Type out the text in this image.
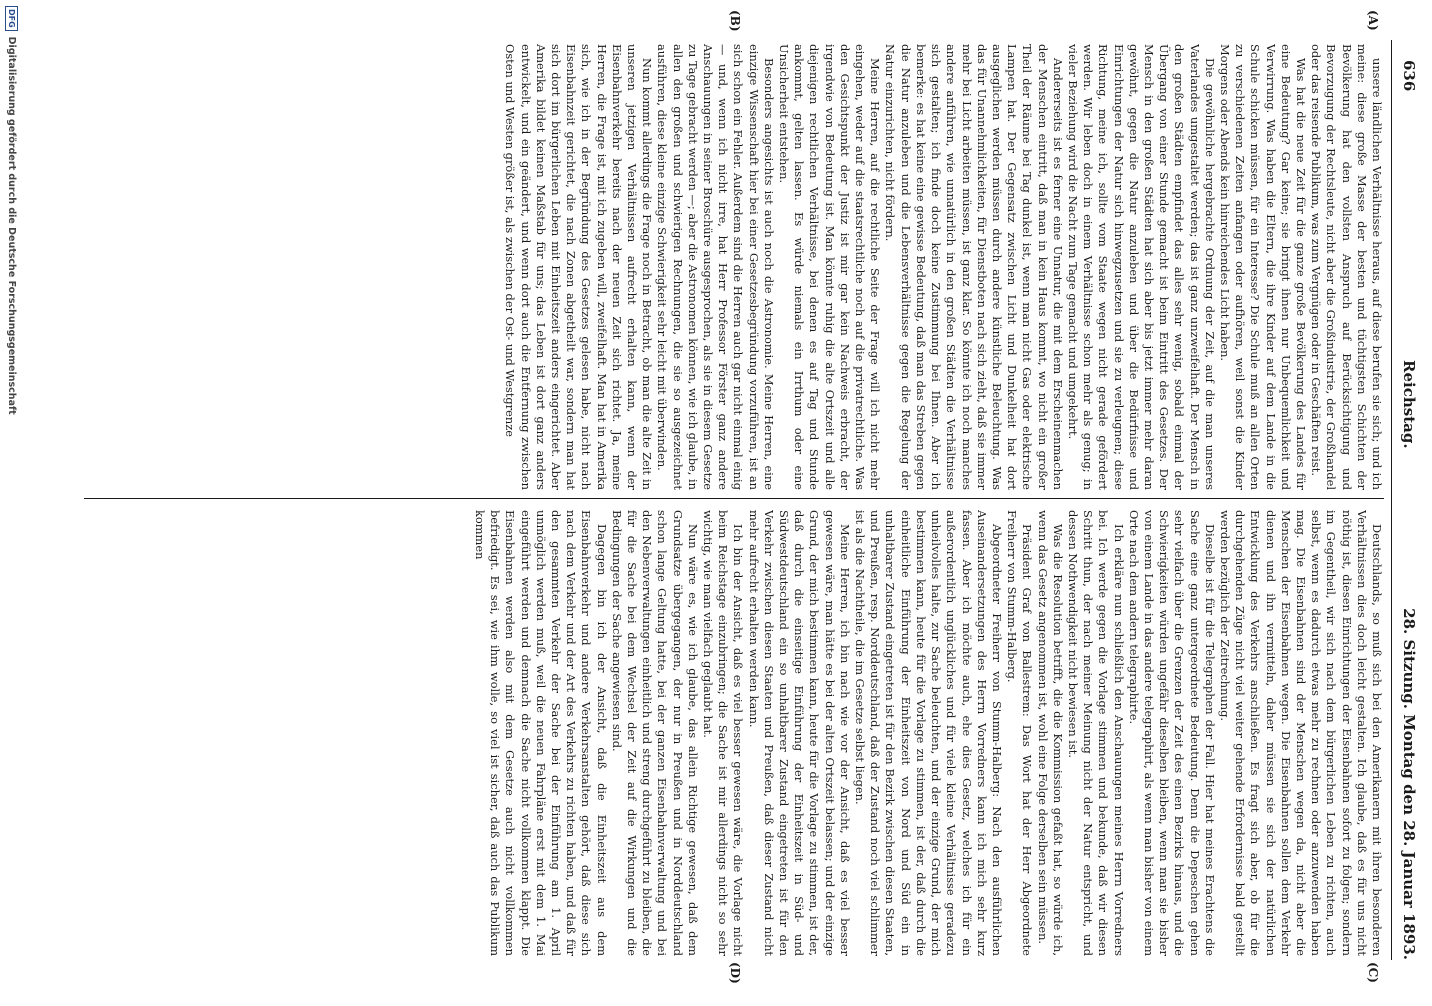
636
Reichstag.
28. Sitzung. Montag den 28. Januar 1893.
(A)
(B)
(C)
(D)

unsere ländlichen Verhältnisse heraus, auf diese berufen sie sich; und ich meine: diese große Masse der besten und tüchtigsten Schichten der Bevölkerung hat den vollsten Anspruch auf Berücksichtigung und Bevorzugung der Rechtsleute, nicht aber die Großindustrie, der Großhandel oder das reisende Publikum, was zum Vergnügen oder in Geschäften reist.

Was hat die neue Zeit für die ganze große Bevölkerung des Landes für eine Bedeutung? Gar keine; sie bringt ihnen nur Unbequemlichkeit und Verwirrung. Was haben die Eltern, die ihre Kinder auf dem Lande in die Schule schicken müssen, für ein Interesse? Die Schule muß an allen Orten zu verschiedenen Zeiten anfangen oder aufhören, weil sonst die Kinder Morgens oder Abends kein hinreichendes Licht haben.

Die gewöhnliche hergebrachte Ordnung der Zeit, auf die man unseres Vaterlandes umgestaltet werden; das ist ganz unzweifelhaft. Der Mensch in den großen Städten empfindet das alles sehr wenig, sobald einmal der Übergang von einer Stunde gemacht ist beim Eintritt des Gesetzes. Der Mensch in den großen Städten hat sich aber bis jetzt immer mehr daran gewöhnt, gegen die Natur anzuleben und über die Bedürfnisse und Einrichtungen der Natur sich hinwegzusetzen und sie zu verleugnen; diese Richtung, meine ich, sollte vom Staate wegen nicht gerade gefördert werden. Wir leben doch in einem Verhältnisse schon mehr als genug; in vieler Beziehung wird die Nacht zum Tage gemacht und umgekehrt.

Andererseits ist es ferner eine Unnatur, die mit dem Erscheinenmachen der Menschen eintritt, daß man in kein Haus kommt, wo nicht ein großer Theil der Räume bei Tag dunkel ist, wenn man nicht Gas oder elektrische Lampen hat. Der Gegensatz zwischen Licht und Dunkelheit hat dort ausgeglichen werden müssen durch andere künstliche Beleuchtung. Was das für Unannehmlichkeiten, für Dienstboten nach sich zieht, daß sie immer mehr bei Licht arbeiten müssen, ist ganz klar. So könnte ich noch manches andere anführen, wie unnatürlich in den großen Städten die Verhältnisse sich gestalten; ich finde doch keine Zustimmung bei Ihnen. Aber ich bemerke: es hat keine eine gewisse Bedeutung, daß man das Streben gegen die Natur anzuleben und die Lebensverhältnisse gegen die Regelung der Natur einzurichten, nicht fördern.

Meine Herren, auf die rechtliche Seite der Frage will ich nicht mehr eingehen, weder auf die staatsrechtliche noch auf die privatrechtliche. Was den Gesichtspunkt der Justiz ist mir gar kein Nachweis erbracht, der irgendwie von Bedeutung ist. Man könnte ruhig die alte Ortszeit und alle diejenigen rechtlichen Verhältnisse, bei denen es auf Tag und Stunde ankommt, gelten lassen. Es würde niemals ein Irrthum oder eine Unsicherheit entstehen.

Besonders angesichts ist auch noch die Astronomie. Meine Herren, eine einzige Wissenschaft hier bei einer Gesetzesbegründung vorzuführen, ist an sich schon ein Fehler. Außerdem sind die Herren auch gar nicht einmal einig — und, wenn ich nicht irre, hat Herr Professor Förster ganz andere Anschauungen in seiner Broschüre ausgesprochen, als sie in diesem Gesetze zu Tage gebracht werden —; aber die Astronomen können, wie ich glaube, in allen den großen und schwierigen Rechnungen, die sie so ausgezeichnet ausführen, diese kleine einzige Schwierigkeit sehr leicht mit überwinden.

Nun kommt allerdings die Frage noch in Betracht, ob man die alte Zeit in unseren jetzigen Verhältnissen aufrecht erhalten kann, wenn der Eisenbahnverkehr bereits nach der neuen Zeit sich richtet. Ja, meine Herren, die Frage ist, mit ich zugeben will, zweifelhaft. Man hat in Amerika sich, wie ich in der Begründung des Gesetzes gelesen habe, nicht nach Eisenbahnzeit gerichtet, die nach Zonen abgetheilt war, sondern man hat sich dort im bürgerlichen Leben mit Einheitszeit anders eingerichtet. Aber Amerika bildet keinen Maßstab für uns; das Leben ist dort ganz anders entwickelt, und ein geändert, und wenn dort auch die Entfernung zwischen Osten und Westen größer ist, als zwischen der Ost- und Westgrenze

Deutschlands, so muß sich bei den Amerikanern mit ihren besonderen Verhältnissen dies doch leicht gestalten. Ich glaube, daß es für uns nicht nöthig ist, diesen Einrichtungen der Eisenbahnen sofort zu folgen; sondern im Gegentheil, wir sich nach dem bürgerlichen Leben zu richten, auch selbst, wenn es dadurch etwas mehr zu rechnen oder anzuwenden haben mag. Die Eisenbahnen sind der Menschen wegen da, nicht aber die Menschen der Eisenbahnen wegen. Die Eisenbahnen sollen dem Verkehr dienen und ihn vermitteln, daher müssen sie sich der natürlichen Entwicklung des Verkehrs anschließen. Es fragt sich aber, ob für die durchgehenden Züge nicht viel weiter gehende Erfordernisse bald gestellt werden bezüglich der Zeitrechnung.

Dieselbe ist für die Telegraphen der Fall. Hier hat meines Erachtens die Sache eine ganz untergeordnete Bedeutung. Denn die Depeschen gehen sehr vielfach über die Grenzen der Zeit des einen Bezirks hinaus, und die Schwierigkeiten würden ungefähr dieselben bleiben, wenn man sie bisher von einem Lande in das andere telegraphirt, als wenn man bisher von einem Orte nach dem andern telegraphirte.

Ich erkläre nun schließlich den Anschauungen meines Herrn Vorredners bei. Ich werde gegen die Vorlage stimmen und bekunde, daß wir diesen Schritt thun, der nach meiner Meinung nicht der Natur entspricht, und dessen Nothwendigkeit nicht bewiesen ist.

Was die Resolution betrifft, die die Kommission gefaßt hat, so würde ich, wenn das Gesetz angenommen ist, wohl eine Folge derselben sein müssen.

Präsident Graf von Ballestrem: Das Wort hat der Herr Abgeordnete Freiherr von Stumm-Halberg.

Abgeordneter Freiherr von Stumm-Halberg: Nach den ausführlichen Auseinandersetzungen des Herrn Vorredners kann ich mich sehr kurz fassen. Aber ich möchte auch, ehe dies Gesetz, welches ich für ein außerordentlich unglückliches und für viele kleine Verhältnisse geradezu unheilvolles halte, zur Sache beleuchten, und der einzige Grund, der mich bestimmen kann, heute für die Vorlage zu stimmen, ist der, daß durch die einheitliche Einführung der Einheitszeit von Nord und Süd ein in unhaltbarer Zustand eingetreten ist für den Bezirk zwischen diesen Staaten, und Preußen, resp. Norddeutschland, daß der Zustand noch viel schlimmer ist als die Nachtheile, die im Gesetze selbst liegen.

Meine Herren, ich bin nach wie vor der Ansicht, daß es viel besser gewesen wäre, man hätte es bei der alten Ortszeit belassen; und der einzige Grund, der mich bestimmen kann, heute für die Vorlage zu stimmen, ist der, daß durch die einseitige Einführung der Einheitszeit in Süd- und Südwestdeutschland ein so unhaltbarer Zustand eingetreten ist für den Verkehr zwischen diesen Staaten und Preußen, daß dieser Zustand nicht mehr aufrecht erhalten werden kann.

Ich bin der Ansicht, daß es viel besser gewesen wäre, die Vorlage nicht beim Reichstage einzubringen; die Sache ist mir allerdings nicht so sehr wichtig, wie man vielfach geglaubt hat.

Nun wäre es, wie ich glaube, das allein Richtige gewesen, daß dem Grundsatze übergegangen, der nur in Preußen und in Norddeutschland schon lange Geltung hatte, bei der ganzen Eisenbahnverwaltung und bei den Nebenverwaltungen einheitlich und streng durchgeführt zu bleiben, die für die Sache bei dem Wechsel der Zeit auf die Wirkungen und die Bedingungen der Sache angewiesen sind.

Dagegen bin ich der Ansicht, daß die Einheitszeit aus dem Eisenbahnverkehr und andere Verkehrsanstalten gehört, daß diese sich nach dem Verkehr und der Art des Verkehrs zu richten haben, und daß für den gesammten Verkehr der Sache bei der Einführung am 1. April unmöglich werden muß, weil die neuen Fahrpläne erst mit dem 1. Mai eingeführt werden und demnach die Sache nicht vollkommen klappt. Die Eisenbahnen werden also mit dem Gesetze auch nicht vollkommen befriedigt. Es sei, wie ihm wolle, so viel ist sicher, daß auch das Publikum kommen

DFG
Digitalisierung gefördert durch die Deutsche Forschungsgemeinschaft
